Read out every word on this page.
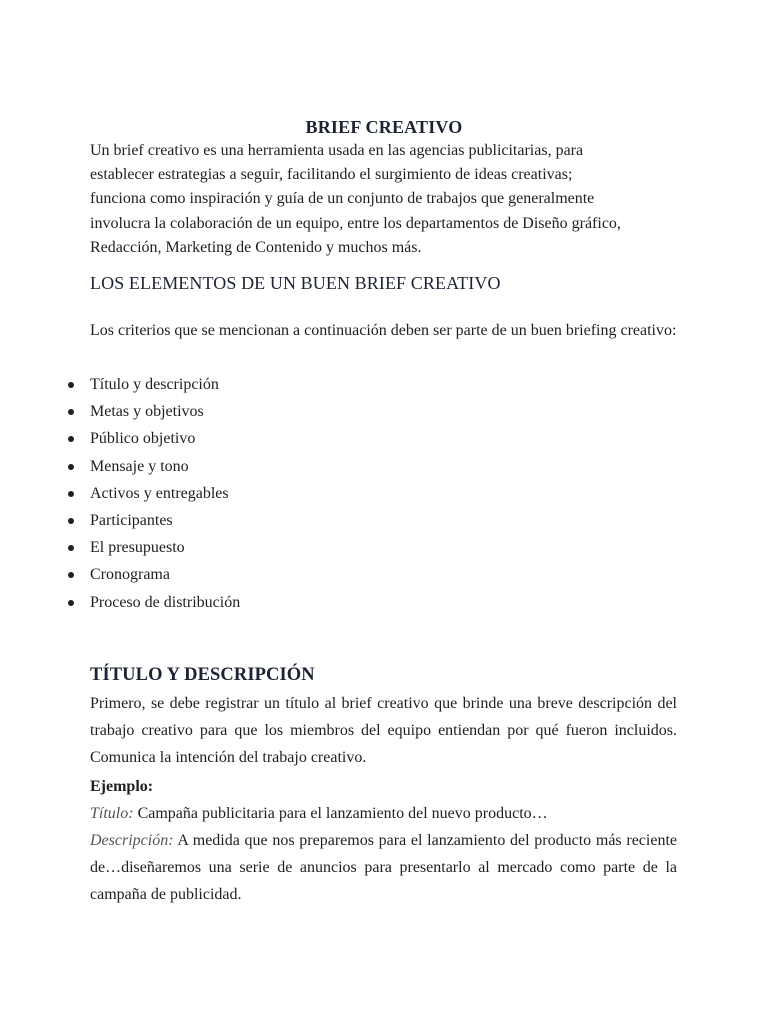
BRIEF CREATIVO

Un brief creativo es una herramienta usada en las agencias publicitarias, para
establecer estrategias a seguir, facilitando el surgimiento de ideas creativas;
funciona como inspiración y guía de un conjunto de trabajos que generalmente
involucra la colaboración de un equipo, entre los departamentos de Diseño gráfico,
Redacción, Marketing de Contenido y muchos más.

LOS ELEMENTOS DE UN BUEN BRIEF CREATIVO

Los criterios que se mencionan a continuación deben ser parte de un buen briefing creativo:

Título y descripción
Metas y objetivos
Público objetivo
Mensaje y tono
Activos y entregables
Participantes
El presupuesto
Cronograma
Proceso de distribución
TÍTULO Y DESCRIPCIÓN

Primero, se debe registrar un título al brief creativo que brinde una breve descripción del trabajo creativo para que los miembros del equipo entiendan por qué fueron incluidos. Comunica la intención del trabajo creativo.

Ejemplo:

Título: Campaña publicitaria para el lanzamiento del nuevo producto…

Descripción: A medida que nos preparemos para el lanzamiento del producto más reciente de…diseñaremos una serie de anuncios para presentarlo al mercado como parte de la campaña de publicidad.
